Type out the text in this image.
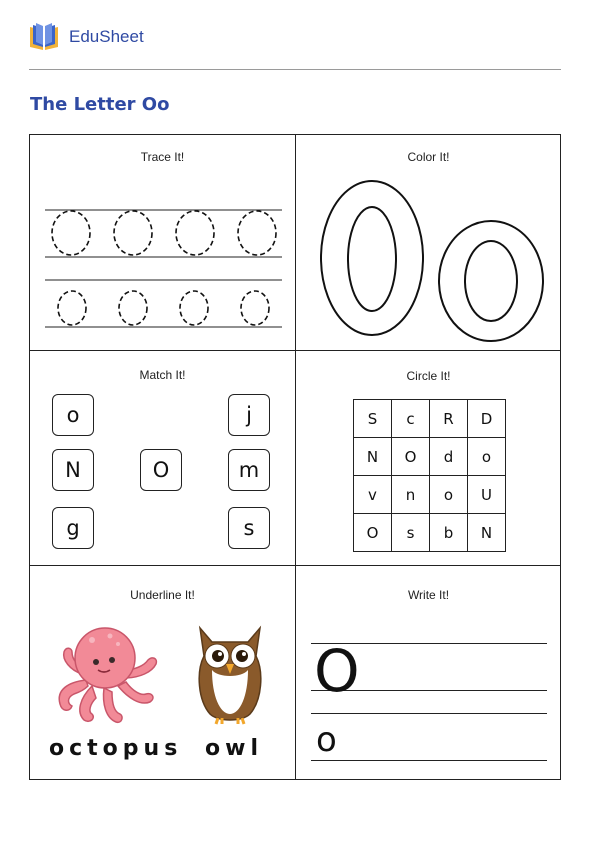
EduSheet
The Letter Oo
Trace It!	Color It!
Match It!
o
N
g
O
j
m
s
Circle It!
S	c	R	D
N	O	d	o
v	n	o	U
O	s	b	N
Underline It!
octopus owl
Write It!
O
o
